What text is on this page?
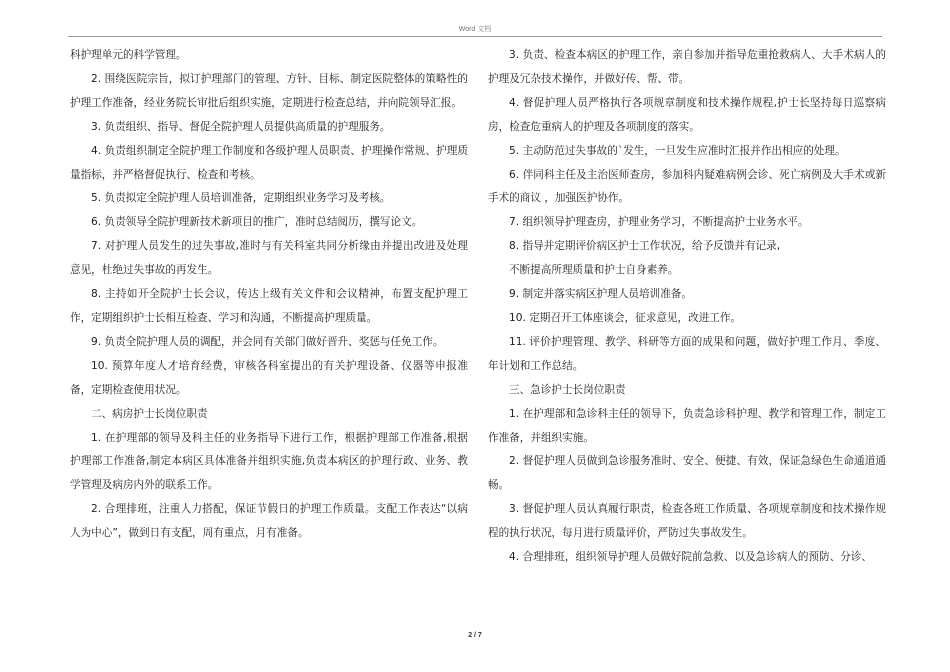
Word 文档

科护理单元的科学管理。

2. 围绕医院宗旨，拟订护理部门的管理、方针、目标、制定医院整体的策略性的护理工作准备，经业务院长审批后组织实施，定期进行检查总结，并向院领导汇报。

3. 负责组织、指导、督促全院护理人员提供高质量的护理服务。

4. 负责组织制定全院护理工作制度和各级护理人员职责、护理操作常规、护理质量指标，并严格督促执行、检查和考核。

5. 负责拟定全院护理人员培训准备，定期组织业务学习及考核。

6. 负责领导全院护理新技术新项目的推广，准时总结阅历，撰写论文。

7. 对护理人员发生的过失事故,准时与有关科室共同分析缘由并提出改进及处理意见，杜绝过失事故的再发生。

8. 主持如开全院护士长会议，传达上级有关文件和会议精神，布置支配护理工作，定期组织护士长相互检查、学习和沟通，不断提高护理质量。

9. 负责全院护理人员的调配，并会同有关部门做好晋升、奖惩与任免工作。

10. 预算年度人才培育经费，审核各科室提出的有关护理设备、仪器等申报准备，定期检查使用状况。

二、病房护士长岗位职责

1. 在护理部的领导及科主任的业务指导下进行工作，根据护理部工作准备,根据护理部工作准备,制定本病区具体准备并组织实施,负责本病区的护理行政、业务、教学管理及病房内外的联系工作。

2. 合理排班，注重人力搭配，保证节假日的护理工作质量。支配工作表达“以病人为中心”，做到日有支配，周有重点，月有准备。

3. 负责、检查本病区的护理工作，亲自参加并指导危重抢救病人、大手术病人的护理及冗杂技术操作，并做好传、帮、带。

4. 督促护理人员严格执行各项规章制度和技术操作规程,护士长坚持每日巡察病房，检查危重病人的护理及各项制度的落实。

5. 主动防范过失事故的`发生，一旦发生应准时汇报并作出相应的处理。

6. 伴同科主任及主治医师查房，参加科内疑难病例会诊、死亡病例及大手术或新手术的商议 ，加强医护协作。

7. 组织领导护理查房，护理业务学习，不断提高护士业务水平。

8. 指导并定期评价病区护士工作状况，给予反馈并有记录,

不断提高所理质量和护士自身素养。

9. 制定并落实病区护理人员培训准备。

10. 定期召开工体座谈会，征求意见，改进工作。

11. 评价护理管理、教学、科研等方面的成果和问题，做好护理工作月、季度、年计划和工作总结。

三、急诊护士长岗位职责

1. 在护理部和急诊科主任的领导下，负责急诊科护理、教学和管理工作，制定工作准备，并组织实施。

2. 督促护理人员做到急诊服务准时、安全、便捷、有效，保证急绿色生命通道通畅。

3. 督促护理人员认真履行职责，检查各班工作质量、各项规章制度和技术操作规程的执行状况，每月进行质量评价，严防过失事故发生。

4. 合理排班，组织领导护理人员做好院前急救、以及急诊病人的预防、分诊、

2 / 7
